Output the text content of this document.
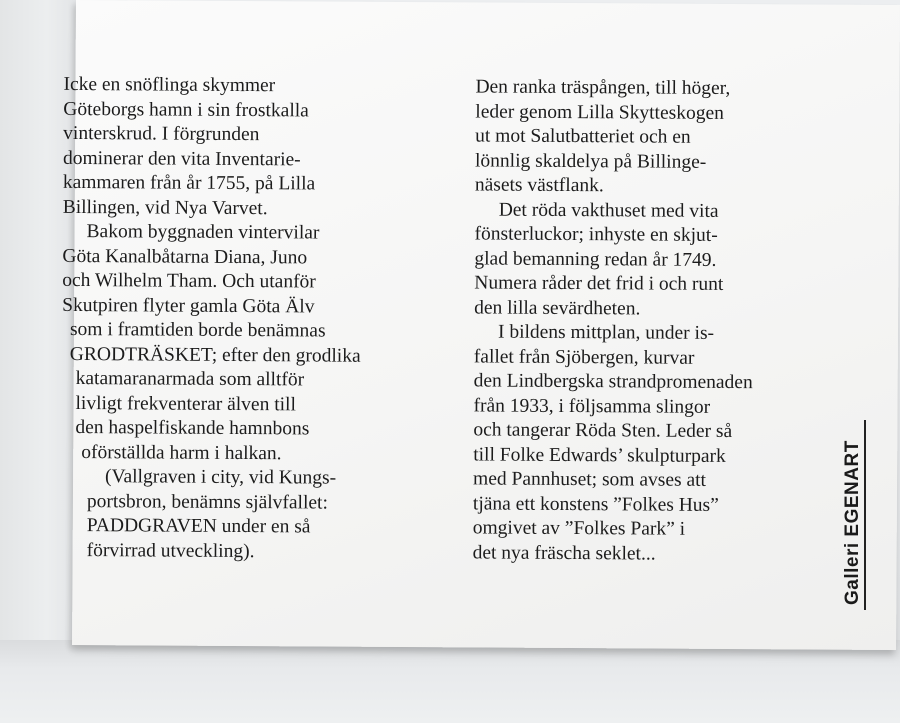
Icke en snöflinga skymmer
Göteborgs hamn i sin frostkalla
vinterskrud. I förgrunden
dominerar den vita Inventarie-
kammaren från år 1755, på Lilla
Billingen, vid Nya Varvet.
Bakom byggnaden vintervilar
Göta Kanalbåtarna Diana, Juno
och Wilhelm Tham. Och utanför
Skutpiren flyter gamla Göta Älv
som i framtiden borde benämnas
GRODTRÄSKET; efter den grodlika
katamaranarmada som alltför
livligt frekventerar älven till
den haspelfiskande hamnbons
oförställda harm i halkan.
(Vallgraven i city, vid Kungs-
portsbron, benämns självfallet:
PADDGRAVEN under en så
förvirrad utveckling).
Den ranka träspången, till höger,
leder genom Lilla Skytteskogen
ut mot Salutbatteriet och en
lönnlig skaldelya på Billinge-
näsets västflank.
Det röda vakthuset med vita
fönsterluckor; inhyste en skjut-
glad bemanning redan år 1749.
Numera råder det frid i och runt
den lilla sevärdheten.
I bildens mittplan, under is-
fallet från Sjöbergen, kurvar
den Lindbergska strandpromenaden
från 1933, i följsamma slingor
och tangerar Röda Sten. Leder så
till Folke Edwards’ skulpturpark
med Pannhuset; som avses att
tjäna ett konstens ”Folkes Hus”
omgivet av ”Folkes Park” i
det nya fräscha seklet...	Galleri EGENART
